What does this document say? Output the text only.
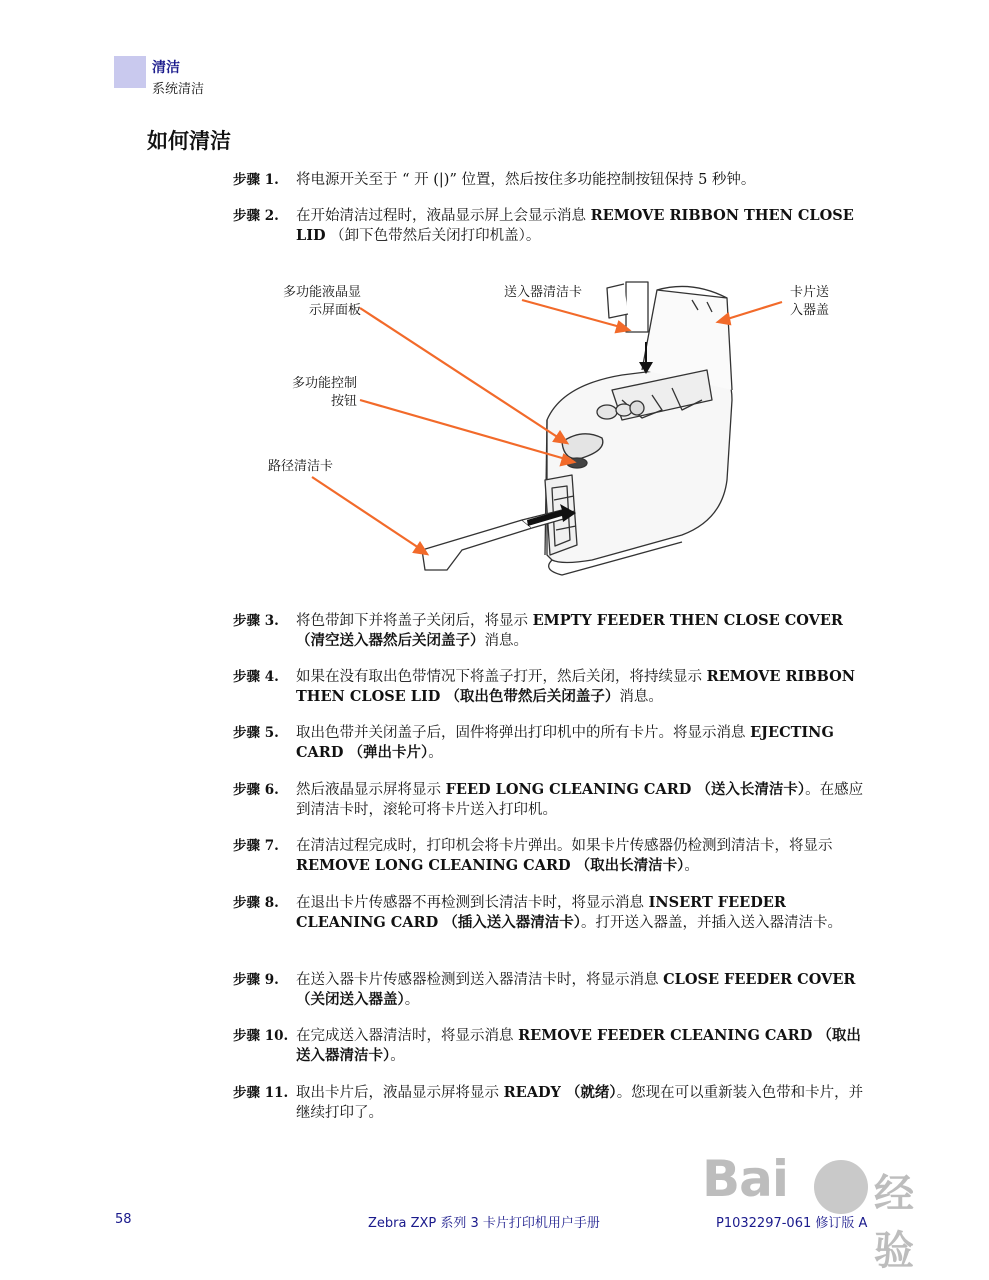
清洁
系统清洁
如何清洁
步骤 1. 将电源开关至于 “ 开 (|)” 位置，然后按住多功能控制按钮保持 5 秒钟。
步骤 2. 在开始清洁过程时，液晶显示屏上会显示消息 REMOVE RIBBON THEN CLOSE LID （卸下色带然后关闭打印机盖）。
步骤 3. 将色带卸下并将盖子关闭后，将显示 EMPTY FEEDER THEN CLOSE COVER （清空送入器然后关闭盖子）消息。
步骤 4. 如果在没有取出色带情况下将盖子打开，然后关闭，将持续显示 REMOVE RIBBON THEN CLOSE LID （取出色带然后关闭盖子）消息。
步骤 5. 取出色带并关闭盖子后，固件将弹出打印机中的所有卡片。将显示消息 EJECTING CARD （弹出卡片）。
步骤 6. 然后液晶显示屏将显示 FEED LONG CLEANING CARD （送入长清洁卡）。在感应到清洁卡时，滚轮可将卡片送入打印机。
步骤 7. 在清洁过程完成时，打印机会将卡片弹出。如果卡片传感器仍检测到清洁卡，将显示 REMOVE LONG CLEANING CARD （取出长清洁卡）。
步骤 8. 在退出卡片传感器不再检测到长清洁卡时，将显示消息 INSERT FEEDER CLEANING CARD （插入送入器清洁卡）。打开送入器盖，并插入送入器清洁卡。
步骤 9. 在送入器卡片传感器检测到送入器清洁卡时，将显示消息 CLOSE FEEDER COVER （关闭送入器盖）。
步骤 10. 在完成送入器清洁时，将显示消息 REMOVE FEEDER CLEANING CARD （取出送入器清洁卡）。
步骤 11. 取出卡片后，液晶显示屏将显示 READY （就绪）。您现在可以重新装入色带和卡片，并继续打印了。
多功能液晶显
示屏面板
送入器清洁卡	卡片送
入器盖
多功能控制
按钮
路径清洁卡
Bai 经验
58	Zebra ZXP 系列 3 卡片打印机用户手册	P1032297-061 修订版 A
